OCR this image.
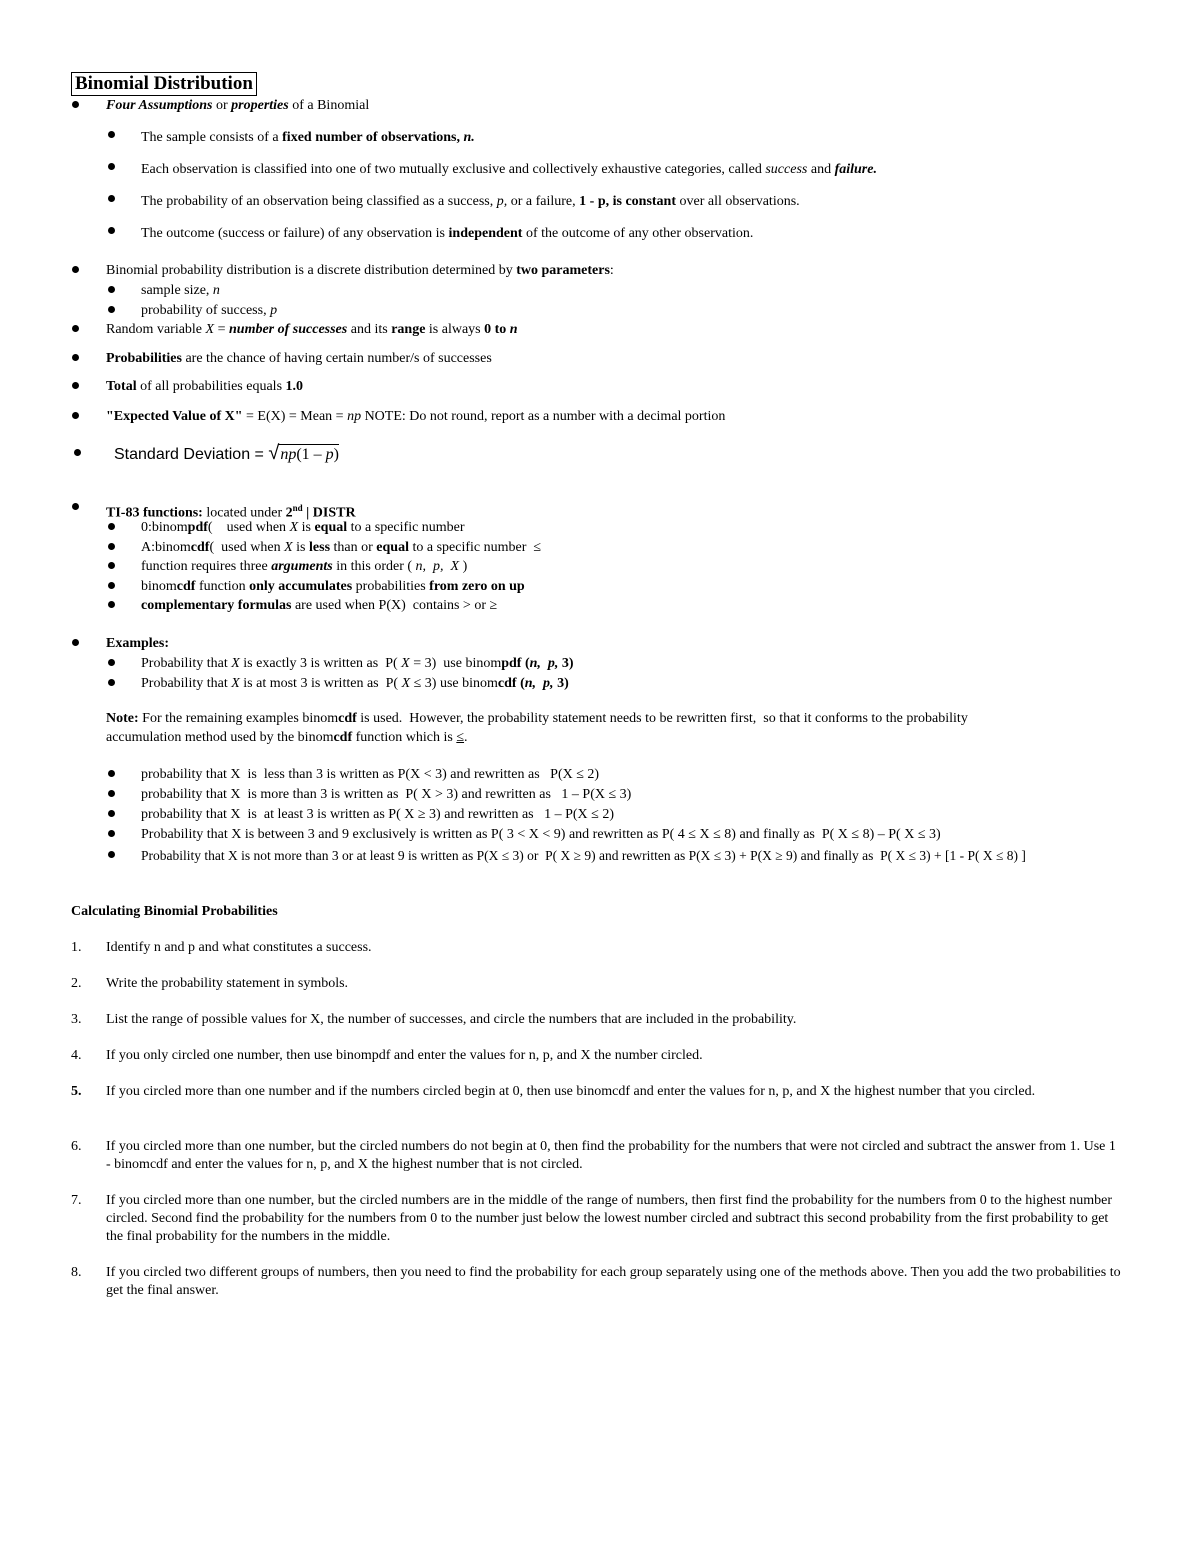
Binomial Distribution
Four Assumptions or properties of a Binomial
The sample consists of a fixed number of observations, n.
Each observation is classified into one of two mutually exclusive and collectively exhaustive categories, called success and failure.
The probability of an observation being classified as a success, p, or a failure, 1 - p, is constant over all observations.
The outcome (success or failure) of any observation is independent of the outcome of any other observation.
Binomial probability distribution is a discrete distribution determined by two parameters:
sample size, n
probability of success, p
Random variable X = number of successes and its range is always 0 to n
Probabilities are the chance of having certain number/s of successes
Total of all probabilities equals 1.0
"Expected Value of X" = E(X) = Mean = np NOTE: Do not round, report as a number with a decimal portion
Standard Deviation = √ np(1 – p)
TI-83 functions: located under 2nd | DISTR
0:binompdf(    used when X is equal to a specific number
A:binomcdf(  used when X is less than or equal to a specific number  ≤
function requires three arguments in this order ( n,  p,  X )
binomcdf function only accumulates probabilities from zero on up
complementary formulas are used when P(X)  contains > or ≥
Examples:
Probability that X is exactly 3 is written as  P( X = 3)  use binompdf (n,  p, 3)
Probability that X is at most 3 is written as  P( X ≤ 3) use binomcdf (n,  p, 3)
Note: For the remaining examples binomcdf is used.  However, the probability statement needs to be rewritten first,  so that it conforms to the probability
accumulation method used by the binomcdf function which is ≤.
probability that X  is  less than 3 is written as P(X < 3) and rewritten as   P(X ≤ 2)
probability that X  is more than 3 is written as  P( X > 3) and rewritten as   1 – P(X ≤ 3)
probability that X  is  at least 3 is written as P( X ≥ 3) and rewritten as   1 – P(X ≤ 2)
Probability that X is between 3 and 9 exclusively is written as P( 3 < X < 9) and rewritten as P( 4 ≤ X ≤ 8) and finally as  P( X ≤ 8) – P( X ≤ 3)
Probability that X is not more than 3 or at least 9 is written as P(X ≤ 3) or  P( X ≥ 9) and rewritten as P(X ≤ 3) + P(X ≥ 9) and finally as  P( X ≤ 3) + [1 - P( X ≤ 8) ]
Calculating Binomial Probabilities
1. Identify n and p and what constitutes a success.
2. Write the probability statement in symbols.
3. List the range of possible values for X, the number of successes, and circle the numbers that are included in the probability.
4. If you only circled one number, then use binompdf and enter the values for n, p, and X the number circled.
5. If you circled more than one number and if the numbers circled begin at 0, then use binomcdf and enter the values for n, p, and X the highest number that you circled.
6. If you circled more than one number, but the circled numbers do not begin at 0, then find the probability for the numbers that were not circled and subtract the answer from 1. Use 1 - binomcdf and enter the values for n, p, and X the highest number that is not circled.
7. If you circled more than one number, but the circled numbers are in the middle of the range of numbers, then first find the probability for the numbers from 0 to the highest number circled. Second find the probability for the numbers from 0 to the number just below the lowest number circled and subtract this second probability from the first probability to get the final probability for the numbers in the middle.
8. If you circled two different groups of numbers, then you need to find the probability for each group separately using one of the methods above. Then you add the two probabilities to get the final answer.
